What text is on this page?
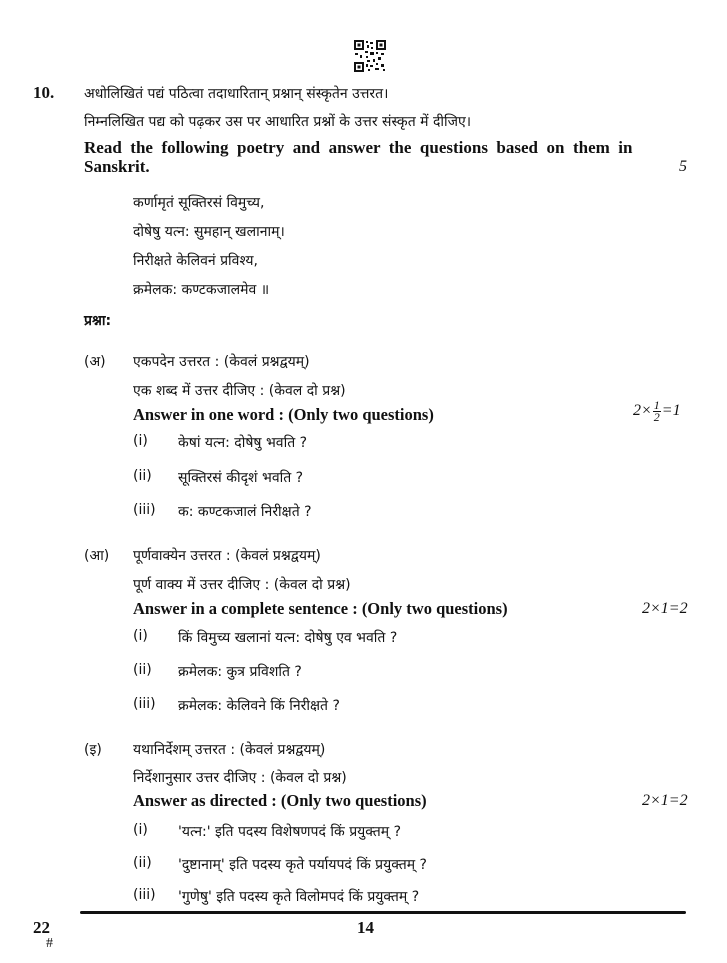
10. अधोलिखितं पद्यं पठित्वा तदाधारितान् प्रश्नान् संस्कृतेन उत्तरत।
निम्नलिखित पद्य को पढ़कर उस पर आधारित प्रश्नों के उत्तर संस्कृत में दीजिए।
Read  the  following  poetry  and  answer  the  questions  based  on  them  in
Sanskrit.	5
कर्णामृतं सूक्तिरसं विमुच्य,
दोषेषु यत्न: सुमहान् खलानाम्।
निरीक्षते केलिवनं प्रविश्य,
क्रमेलक: कण्टकजालमेव ॥
प्रश्ना:
(अ) एकपदेन उत्तरत : (केवलं प्रश्नद्वयम्)
एक शब्द में उत्तर दीजिए : (केवल दो प्रश्न)
Answer in one word : (Only two questions)	$2\times \frac{1}{2} =1$
(i) केषां यत्न: दोषेषु भवति ?
(ii) सूक्तिरसं कीदृशं भवति ?
(iii) क: कण्टकजालं निरीक्षते ?
(आ) पूर्णवाक्येन उत्तरत : (केवलं प्रश्नद्वयम्)
पूर्ण वाक्य में उत्तर दीजिए : (केवल दो प्रश्न)
Answer in a complete sentence : (Only two questions)	2×1=2
(i) किं विमुच्य खलानां यत्न: दोषेषु एव भवति ?
(ii) क्रमेलक: कुत्र प्रविशति ?
(iii) क्रमेलक: केलिवने किं निरीक्षते ?
(इ) यथानिर्देशम् उत्तरत : (केवलं प्रश्नद्वयम्)
निर्देशानुसार उत्तर दीजिए : (केवल दो प्रश्न)
Answer as directed : (Only two questions)	2×1=2
(i) 'यत्न:' इति पदस्य विशेषणपदं किं प्रयुक्तम् ?
(ii) 'दुष्टानाम्' इति पदस्य कृते पर्यायपदं किं प्रयुक्तम् ?
(iii) 'गुणेषु' इति पदस्य कृते विलोमपदं किं प्रयुक्तम् ?
22
#
14
